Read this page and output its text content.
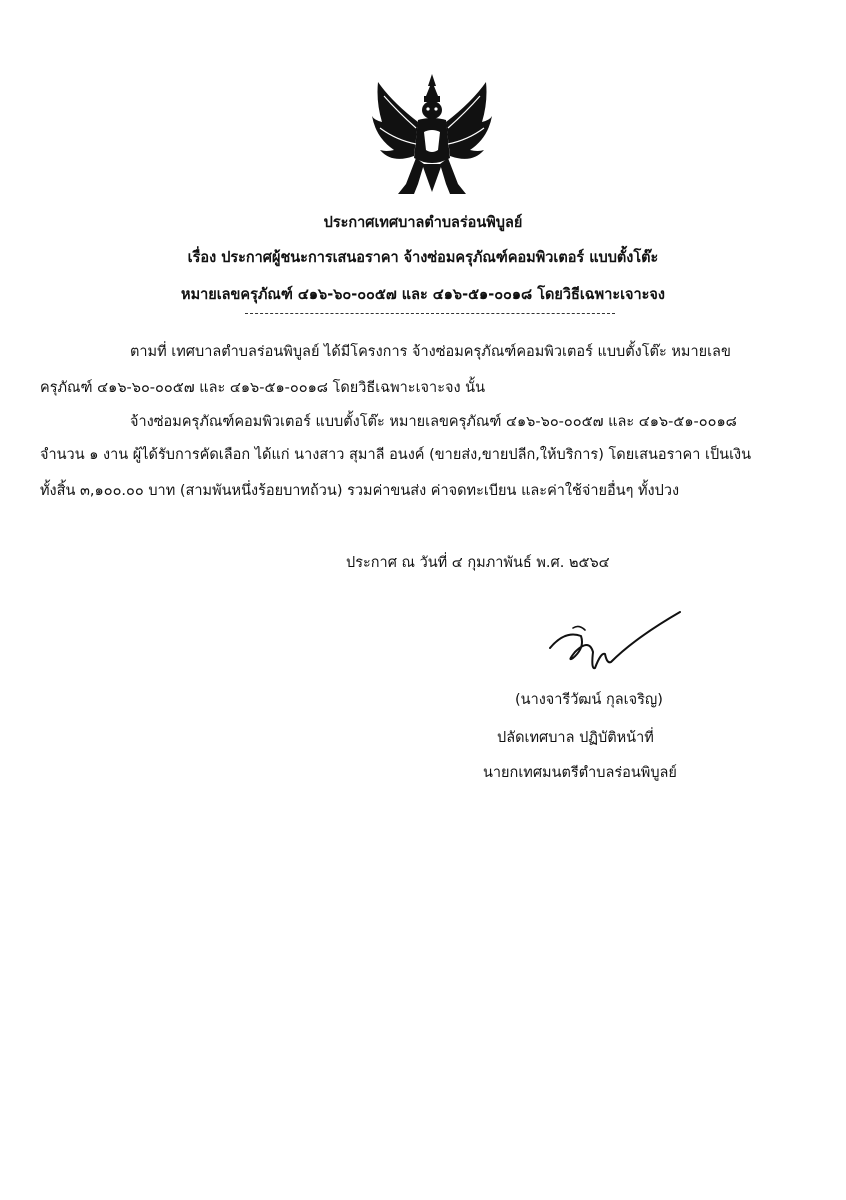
ประกาศเทศบาลตำบลร่อนพิบูลย์
เรื่อง ประกาศผู้ชนะการเสนอราคา จ้างซ่อมครุภัณฑ์คอมพิวเตอร์ แบบตั้งโต๊ะ
หมายเลขครุภัณฑ์ ๔๑๖-๖๐-๐๐๕๗ และ ๔๑๖-๕๑-๐๐๑๘ โดยวิธีเฉพาะเจาะจง
ตามที่ เทศบาลตำบลร่อนพิบูลย์ ได้มีโครงการ จ้างซ่อมครุภัณฑ์คอมพิวเตอร์ แบบตั้งโต๊ะ หมายเลข
ครุภัณฑ์ ๔๑๖-๖๐-๐๐๕๗ และ ๔๑๖-๕๑-๐๐๑๘ โดยวิธีเฉพาะเจาะจง นั้น
จ้างซ่อมครุภัณฑ์คอมพิวเตอร์ แบบตั้งโต๊ะ หมายเลขครุภัณฑ์ ๔๑๖-๖๐-๐๐๕๗ และ ๔๑๖-๕๑-๐๐๑๘
จำนวน ๑ งาน ผู้ได้รับการคัดเลือก ได้แก่ นางสาว สุมาลี อนงค์ (ขายส่ง,ขายปลีก,ให้บริการ) โดยเสนอราคา เป็นเงิน
ทั้งสิ้น ๓,๑๐๐.๐๐ บาท (สามพันหนึ่งร้อยบาทถ้วน) รวมค่าขนส่ง ค่าจดทะเบียน และค่าใช้จ่ายอื่นๆ ทั้งปวง
ประกาศ ณ วันที่ ๔ กุมภาพันธ์ พ.ศ. ๒๕๖๔
(นางจารีวัฒน์ กุลเจริญ)
ปลัดเทศบาล ปฏิบัติหน้าที่
นายกเทศมนตรีตำบลร่อนพิบูลย์
